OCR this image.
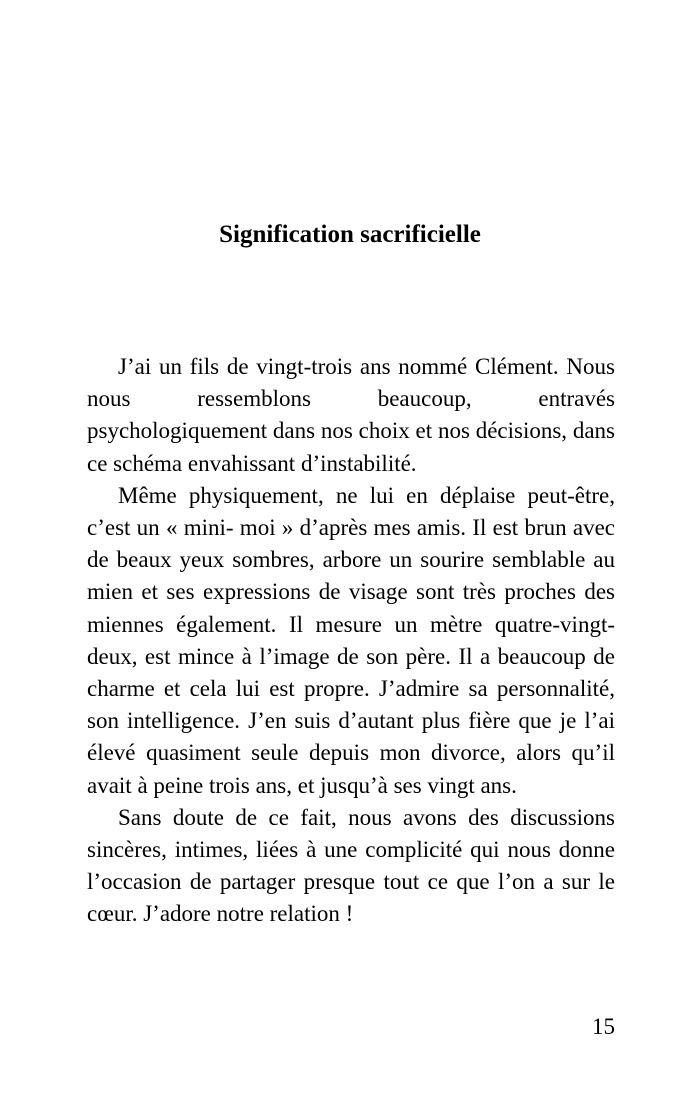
Signification sacrificielle

J’ai un fils de vingt-trois ans nommé Clément. Nous nous ressemblons beaucoup, entravés psychologiquement dans nos choix et nos décisions, dans ce schéma envahissant d’instabilité.

Même physiquement, ne lui en déplaise peut-être, c’est un « mini- moi » d’après mes amis. Il est brun avec de beaux yeux sombres, arbore un sourire semblable au mien et ses expressions de visage sont très proches des miennes également. Il mesure un mètre quatre-vingt-deux, est mince à l’image de son père. Il a beaucoup de charme et cela lui est propre. J’admire sa personnalité, son intelligence. J’en suis d’autant plus fière que je l’ai élevé quasiment seule depuis mon divorce, alors qu’il avait à peine trois ans, et jusqu’à ses vingt ans.

Sans doute de ce fait, nous avons des discussions sincères, intimes, liées à une complicité qui nous donne l’occasion de partager presque tout ce que l’on a sur le cœur. J’adore notre relation !

15
